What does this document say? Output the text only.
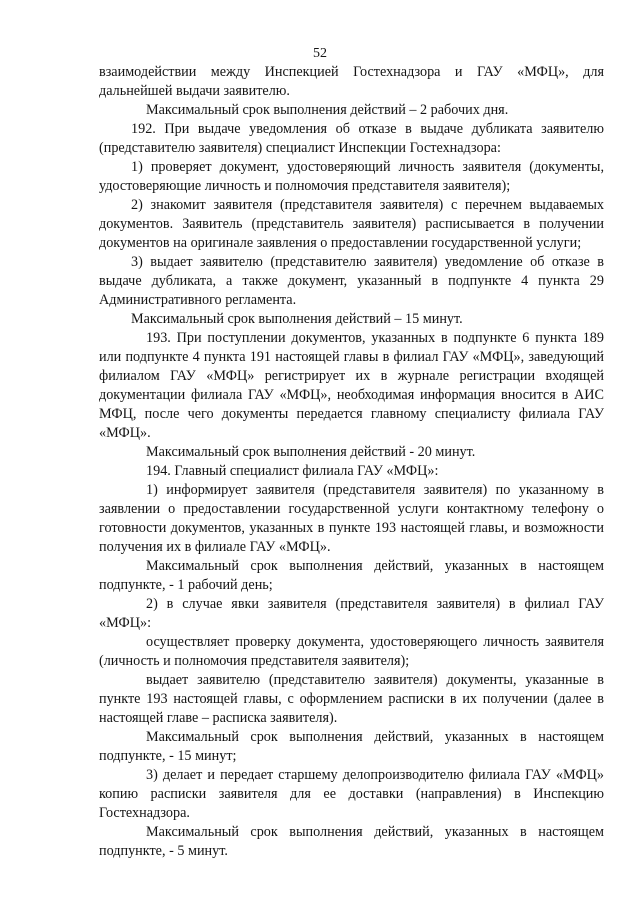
52

взаимодействии между Инспекцией Гостехнадзора и ГАУ «МФЦ», для дальнейшей выдачи заявителю.

Максимальный срок выполнения действий – 2 рабочих дня.

192. При выдаче уведомления об отказе в выдаче дубликата заявителю (представителю заявителя) специалист Инспекции Гостехнадзора:

1) проверяет документ, удостоверяющий личность заявителя (документы, удостоверяющие личность и полномочия представителя заявителя);

2) знакомит заявителя (представителя заявителя) с перечнем выдаваемых документов. Заявитель (представитель заявителя) расписывается в получении документов на оригинале заявления о предоставлении государственной услуги;

3) выдает заявителю (представителю заявителя) уведомление об отказе в выдаче дубликата, а также документ, указанный в подпункте 4 пункта 29 Административного регламента.

Максимальный срок выполнения действий – 15 минут.

193. При поступлении документов, указанных в подпункте 6 пункта 189 или подпункте 4 пункта 191 настоящей главы в филиал ГАУ «МФЦ», заведующий филиалом ГАУ «МФЦ» регистрирует их в журнале регистрации входящей документации филиала ГАУ «МФЦ», необходимая информация вносится в АИС МФЦ, после чего документы передается главному специалисту филиала ГАУ «МФЦ».

Максимальный срок выполнения действий - 20 минут.

194. Главный специалист филиала ГАУ «МФЦ»:

1) информирует заявителя (представителя заявителя) по указанному в заявлении о предоставлении государственной услуги контактному телефону о готовности документов, указанных в пункте 193 настоящей главы, и возможности получения их в филиале ГАУ «МФЦ».

Максимальный срок выполнения действий, указанных в настоящем подпункте, - 1 рабочий день;

2) в случае явки заявителя (представителя заявителя) в филиал ГАУ «МФЦ»:

осуществляет проверку документа, удостоверяющего личность заявителя (личность и полномочия представителя заявителя);

выдает заявителю (представителю заявителя) документы, указанные в пункте 193 настоящей главы, с оформлением расписки в их получении (далее в настоящей главе – расписка заявителя).

Максимальный срок выполнения действий, указанных в настоящем подпункте, - 15 минут;

3) делает и передает старшему делопроизводителю филиала ГАУ «МФЦ» копию расписки заявителя для ее доставки (направления) в Инспекцию Гостехнадзора.

Максимальный срок выполнения действий, указанных в настоящем подпункте, - 5 минут.
